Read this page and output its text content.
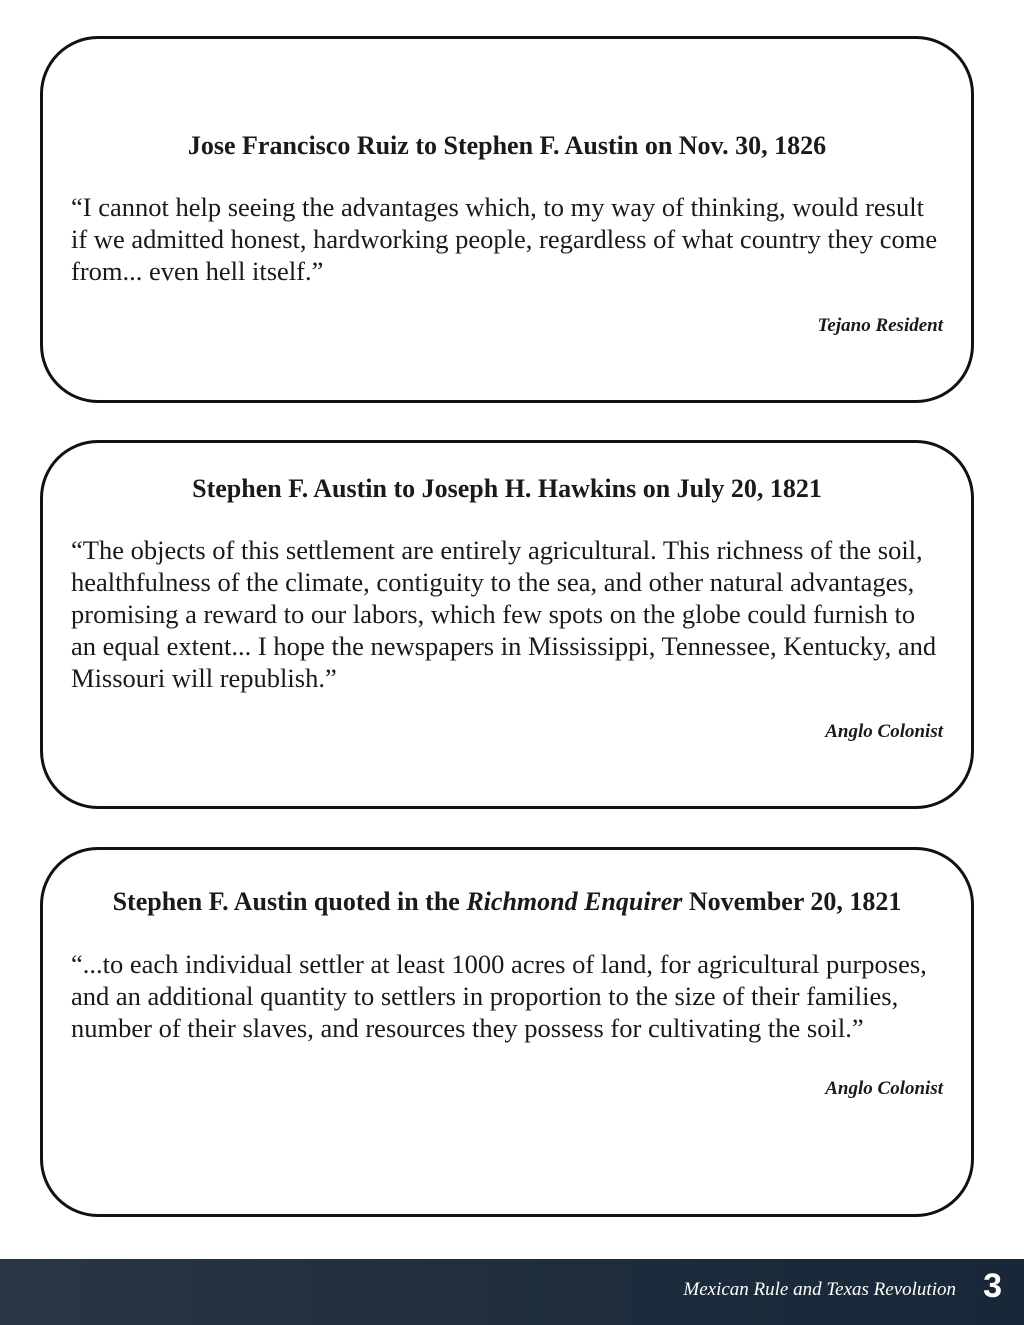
Jose Francisco Ruiz to Stephen F. Austin on Nov. 30, 1826

“I cannot help seeing the advantages which, to my way of thinking, would result if we admitted honest, hardworking people, regardless of what country they come from... even hell itself.”

Tejano Resident

Stephen F. Austin to Joseph H. Hawkins on July 20, 1821

“The objects of this settlement are entirely agricultural. This richness of the soil, healthfulness of the climate, contiguity to the sea, and other natural advantages, promising a reward to our labors, which few spots on the globe could furnish to an equal extent... I hope the newspapers in Mississippi, Tennessee, Kentucky, and Missouri will republish.”

Anglo Colonist

Stephen F. Austin quoted in the Richmond Enquirer November 20, 1821

“...to each individual settler at least 1000 acres of land, for agricultural purposes, and an additional quantity to settlers in proportion to the size of their families, number of their slaves, and resources they possess for cultivating the soil.”

Anglo Colonist

Mexican Rule and Texas Revolution 3
